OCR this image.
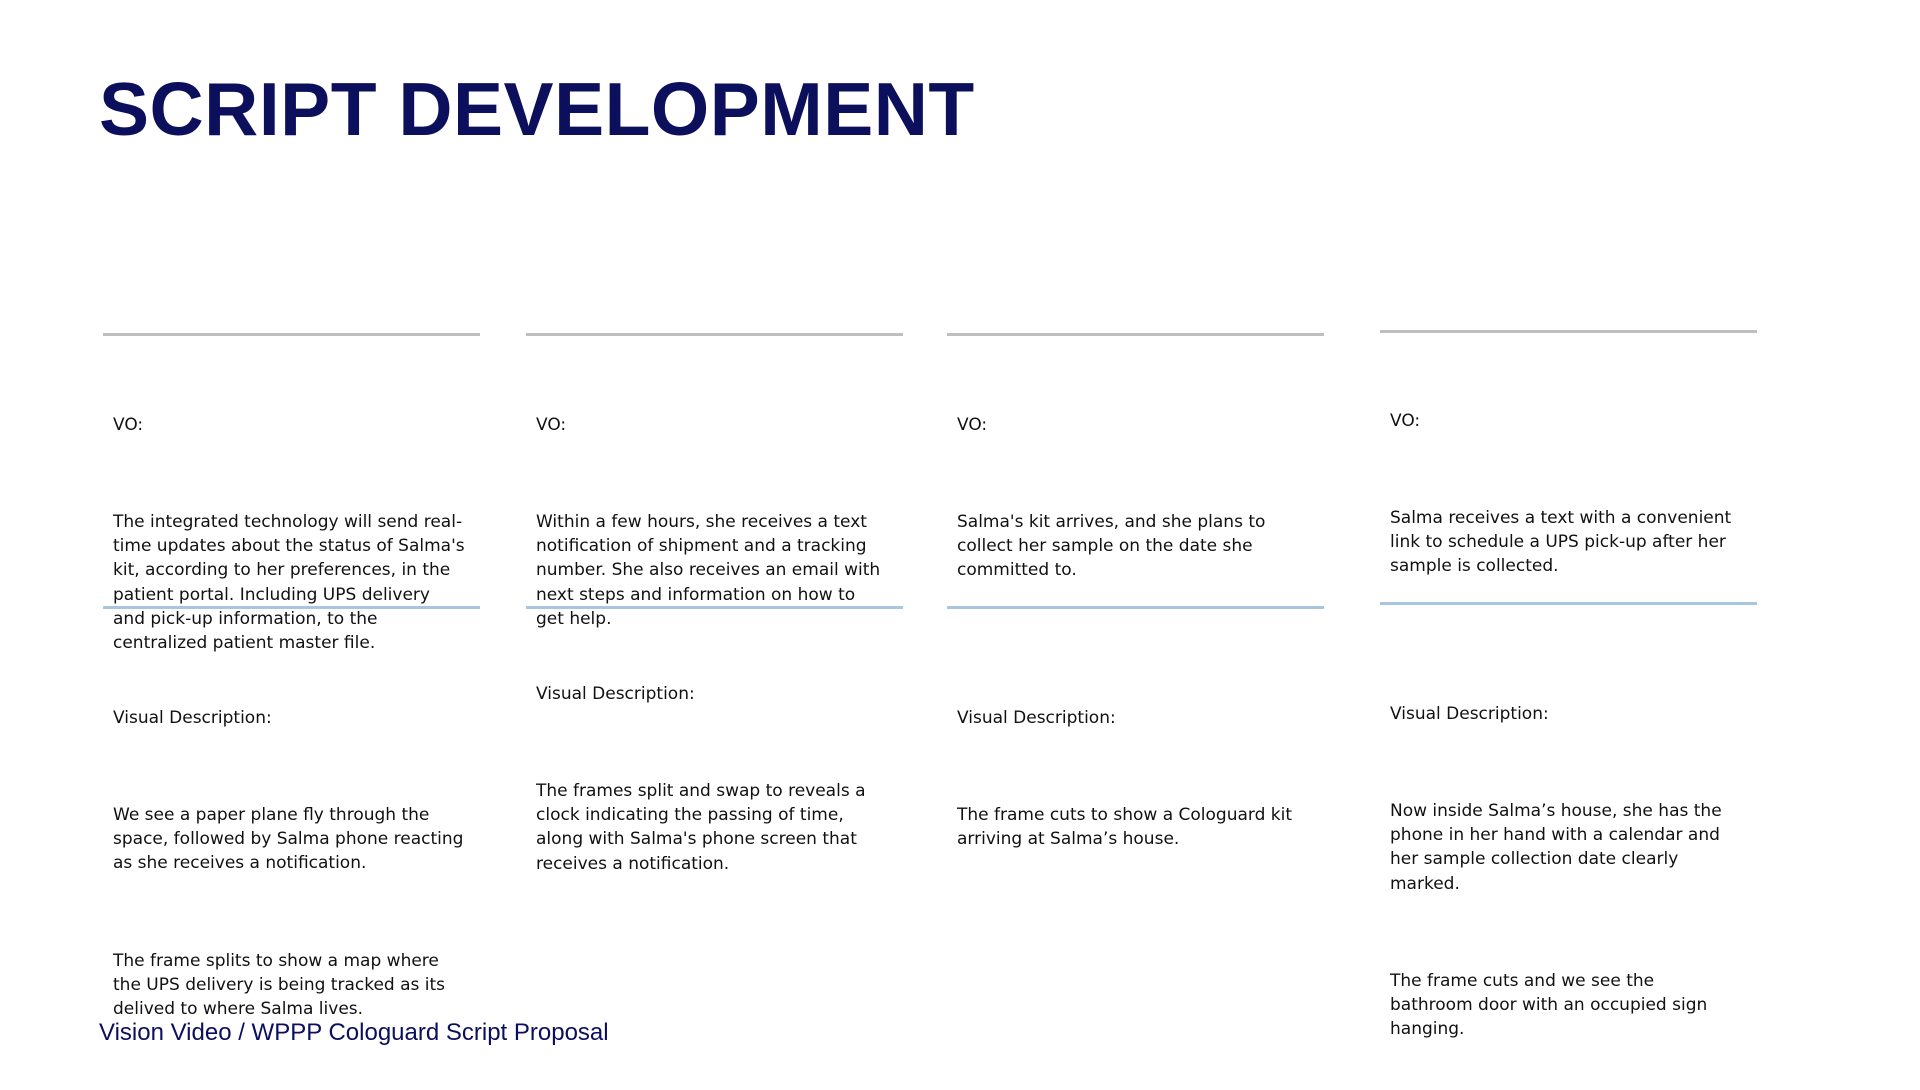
SCRIPT DEVELOPMENT

VO:

The integrated technology will send real-time updates about the status of Salma's kit, according to her preferences, in the patient portal. Including UPS delivery and pick-up information, to the centralized patient master file.

Visual Description:

We see a paper plane fly through the space, followed by Salma phone reacting as she receives a notification.

The frame splits to show a map where the UPS delivery is being tracked as its delived to where Salma lives.

VO:

Within a few hours, she receives a text notification of shipment and a tracking number. She also receives an email with next steps and information on how to get help.

Visual Description:

The frames split and swap to reveals a clock indicating the passing of time, along with Salma's phone screen that receives a notification.

VO:

Salma's kit arrives, and she plans to collect her sample on the date she committed to.

Visual Description:

The frame cuts to show a Cologuard kit arriving at Salma’s house.

VO:

Salma receives a text with a convenient link to schedule a UPS pick-up after her sample is collected.

Visual Description:

Now inside Salma’s house, she has the phone in her hand with a calendar and her sample collection date clearly marked.

The frame cuts and we see the bathroom door with an occupied sign hanging.

Vision Video / WPPP Cologuard Script Proposal
